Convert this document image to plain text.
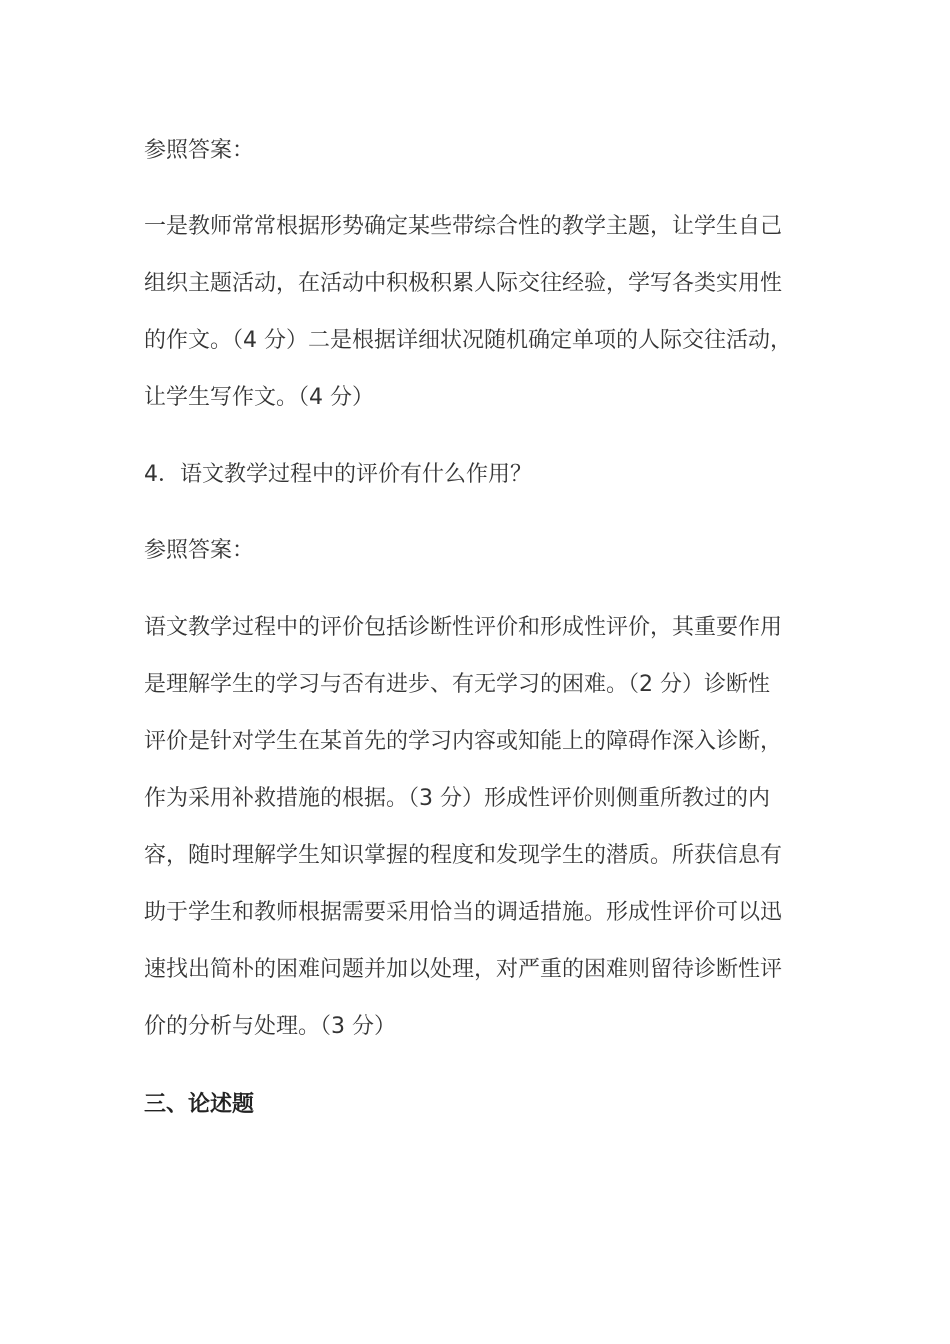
参照答案：
一是教师常常根据形势确定某些带综合性的教学主题，让学生自己
组织主题活动，在活动中积极积累人际交往经验，学写各类实用性
的作文。（4 分）二是根据详细状况随机确定单项的人际交往活动，
让学生写作文。（4 分）
4．语文教学过程中的评价有什么作用？
参照答案：
语文教学过程中的评价包括诊断性评价和形成性评价，其重要作用
是理解学生的学习与否有进步、有无学习的困难。（2 分）诊断性
评价是针对学生在某首先的学习内容或知能上的障碍作深入诊断，
作为采用补救措施的根据。（3 分）形成性评价则侧重所教过的内
容，随时理解学生知识掌握的程度和发现学生的潜质。所获信息有
助于学生和教师根据需要采用恰当的调适措施。形成性评价可以迅
速找出简朴的困难问题并加以处理，对严重的困难则留待诊断性评
价的分析与处理。（3 分）
三、论述题
